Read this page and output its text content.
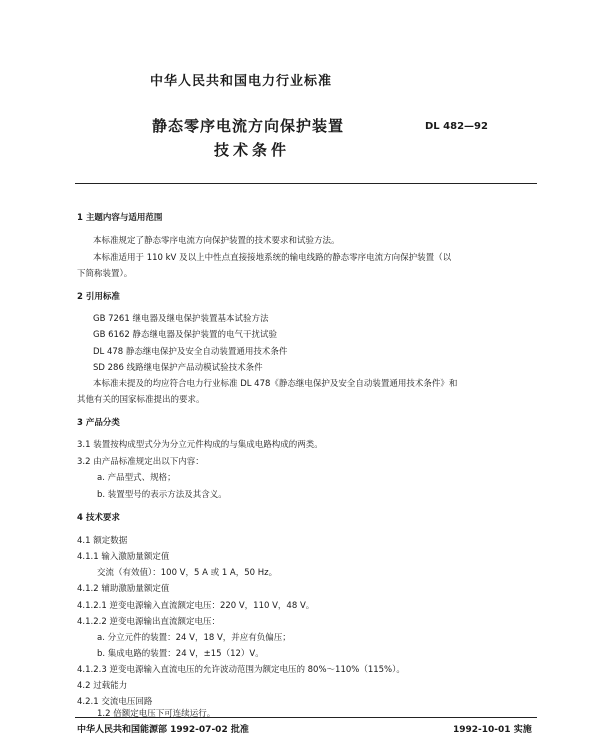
中华人民共和国电力行业标准
静态零序电流方向保护装置
技术条件
DL 482—92
1 主题内容与适用范围
本标准规定了静态零序电流方向保护装置的技术要求和试验方法。
本标准适用于 110 kV 及以上中性点直接接地系统的输电线路的静态零序电流方向保护装置（以
下简称装置）。
2 引用标准
GB 7261 继电器及继电保护装置基本试验方法
GB 6162 静态继电器及保护装置的电气干扰试验
DL 478 静态继电保护及安全自动装置通用技术条件
SD 286 线路继电保护产品动模试验技术条件
本标准未提及的均应符合电力行业标准 DL 478《静态继电保护及安全自动装置通用技术条件》和
其他有关的国家标准提出的要求。
3 产品分类
3.1 装置按构成型式分为分立元件构成的与集成电路构成的两类。
3.2 由产品标准规定出以下内容：
a. 产品型式、规格；
b. 装置型号的表示方法及其含义。
4 技术要求
4.1 额定数据
4.1.1 输入激励量额定值
交流（有效值）：100 V，5 A 或 1 A，50 Hz。
4.1.2 辅助激励量额定值
4.1.2.1 逆变电源输入直流额定电压：220 V，110 V，48 V。
4.1.2.2 逆变电源输出直流额定电压：
a. 分立元件的装置：24 V，18 V，并应有负偏压；
b. 集成电路的装置：24 V，±15（12）V。
4.1.2.3 逆变电源输入直流电压的允许波动范围为额定电压的 80%～110%（115%）。
4.2 过载能力
4.2.1 交流电压回路
1.2 倍额定电压下可连续运行。
中华人民共和国能源部 1992-07-02 批准	1992-10-01 实施
